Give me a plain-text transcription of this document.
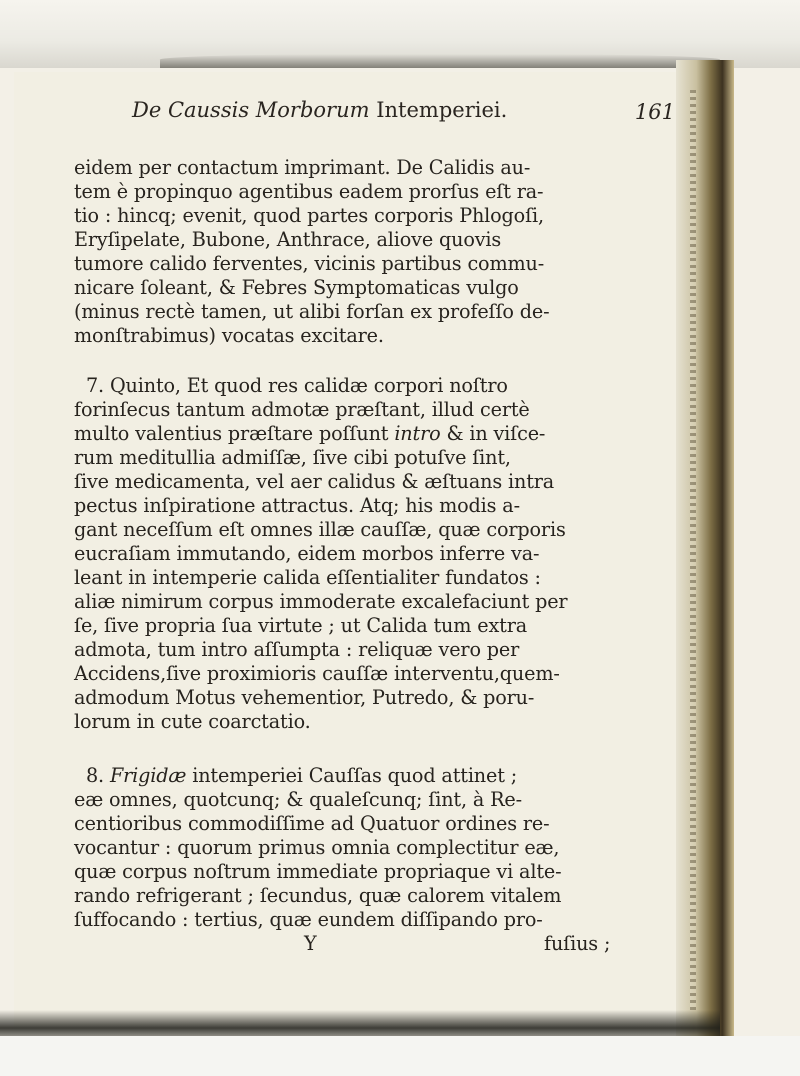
De Caussis Morborum Intemperiei.	161
eidem per contactum imprimant. De Calidis au-
tem è propinquo agentibus eadem prorſus eſt ra-
tio : hincq; evenit, quod partes corporis Phlogoſi,
Eryſipelate, Bubone, Anthrace, aliove quovis
tumore calido ferventes, vicinis partibus commu-
nicare ſoleant, & Febres Symptomaticas vulgo
(minus rectè tamen, ut alibi forſan ex profeſſo de-
monſtrabimus) vocatas excitare.
7. Quinto, Et quod res calidæ corpori noſtro
forinſecus tantum admotæ præſtant, illud certè
multo valentius præſtare poſſunt intro & in viſce-
rum meditullia admiſſæ, ſive cibi potuſve ſint,
ſive medicamenta, vel aer calidus & æſtuans intra
pectus inſpiratione attractus. Atq; his modis a-
gant neceſſum eſt omnes illæ cauſſæ, quæ corporis
eucraſiam immutando, eidem morbos inferre va-
leant in intemperie calida eſſentialiter fundatos :
aliæ nimirum corpus immoderate excalefaciunt per
ſe, ſive propria ſua virtute ; ut Calida tum extra
admota, tum intro aſſumpta : reliquæ vero per
Accidens,ſive proximioris cauſſæ interventu,quem-
admodum Motus vehementior, Putredo, & poru-
lorum in cute coarctatio.
8. Frigidæ intemperiei Cauſſas quod attinet ;
eæ omnes, quotcunq; & qualeſcunq; ſint, à Re-
centioribus commodiſſime ad Quatuor ordines re-
vocantur : quorum primus omnia complectitur eæ,
quæ corpus noſtrum immediate propriaque vi alte-
rando refrigerant ; ſecundus, quæ calorem vitalem
ſuffocando : tertius, quæ eundem diſſipando pro-
Y	fuſius ;
